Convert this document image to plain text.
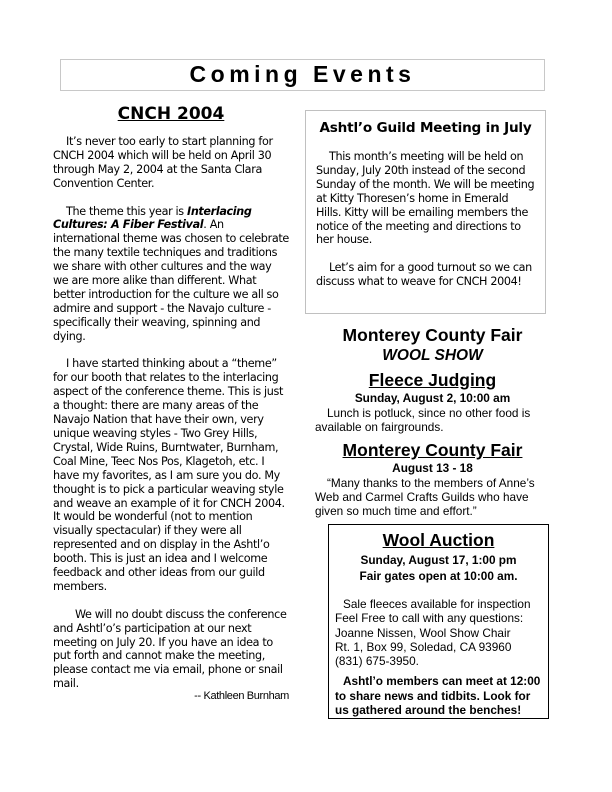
Coming Events
CNCH 2004

It’s never too early to start planning for CNCH 2004 which will be held on April 30 through May 2, 2004 at the Santa Clara Convention Center.

The theme this year is Interlacing Cultures: A Fiber Festival. An international theme was chosen to celebrate the many textile techniques and traditions we share with other cultures and the way we are more alike than different. What better introduction for the culture we all so admire and support - the Navajo culture - specifically their weaving, spinning and dying.

I have started thinking about a “theme” for our booth that relates to the interlacing aspect of the conference theme. This is just a thought: there are many areas of the Navajo Nation that have their own, very unique weaving styles - Two Grey Hills, Crystal, Wide Ruins, Burntwater, Burnham, Coal Mine, Teec Nos Pos, Klagetoh, etc. I have my favorites, as I am sure you do. My thought is to pick a particular weaving style and weave an example of it for CNCH 2004. It would be wonderful (not to mention visually spectacular) if they were all represented and on display in the Ashtl’o booth. This is just an idea and I welcome feedback and other ideas from our guild members.

We will no doubt discuss the conference and Ashtl’o’s participation at our next meeting on July 20. If you have an idea to put forth and cannot make the meeting, please contact me via email, phone or snail mail.

-- Kathleen Burnham
Ashtl’o Guild Meeting in July

This month’s meeting will be held on Sunday, July 20th instead of the second Sunday of the month. We will be meeting at Kitty Thoresen’s home in Emerald Hills. Kitty will be emailing members the notice of the meeting and directions to her house.

Let’s aim for a good turnout so we can discuss what to weave for CNCH 2004!

Monterey County Fair
WOOL SHOW
Fleece Judging
Sunday, August 2, 10:00 am
Lunch is potluck, since no other food is available on fairgrounds.
Monterey County Fair
August 13 - 18
“Many thanks to the members of Anne’s Web and Carmel Crafts Guilds who have given so much time and effort.”
Wool Auction
Sunday, August 17, 1:00 pm
Fair gates open at 10:00 am.
Sale fleeces available for inspection
Feel Free to call with any questions:
Joanne Nissen, Wool Show Chair
Rt. 1, Box 99, Soledad, CA 93960
(831) 675-3950.
Ashtl’o members can meet at 12:00 to share news and tidbits. Look for us gathered around the benches!
